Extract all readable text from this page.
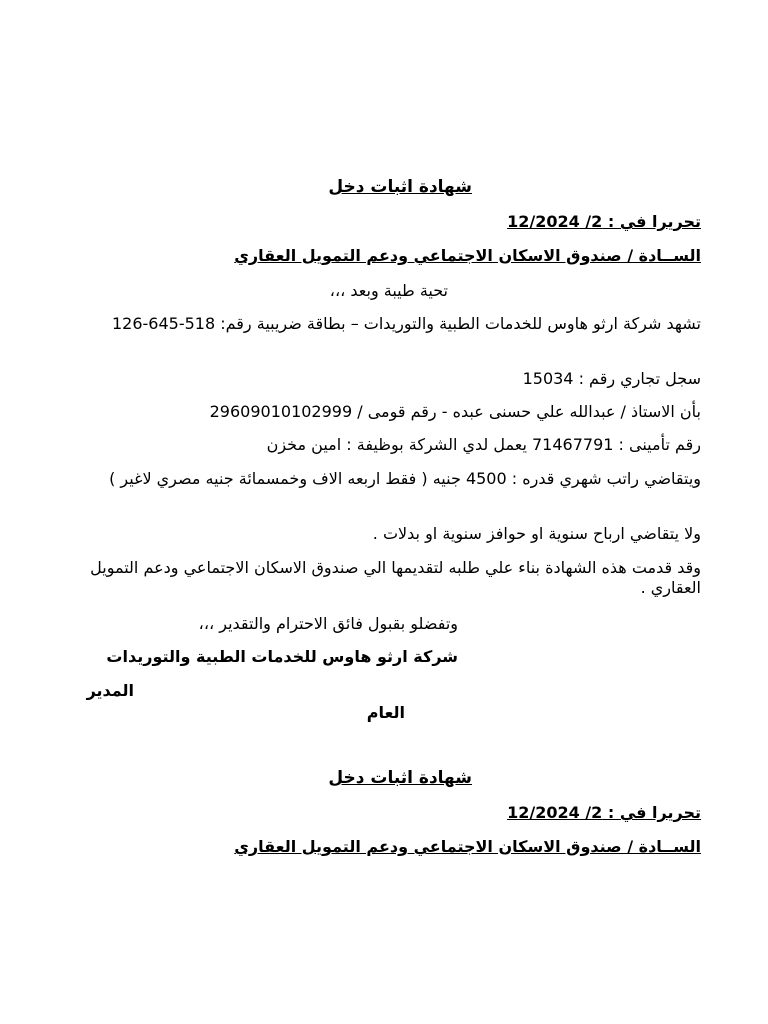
شهادة اثبات دخل
تحريرا في : 2/ 12/2024
الســادة / صندوق الاسكان الاجتماعي ودعم التمويل العقاري
تحية طيبة وبعد ،،،
تشهد شركة ارثو هاوس للخدمات الطبية والتوريدات – بطاقة ضريبية رقم: 518-645-126
سجل تجاري رقم : 15034
بأن الاستاذ / عبدالله علي حسنى عبده - رقم قومى / 29609010102999
رقم تأمينى : 71467791 يعمل لدي الشركة بوظيفة : امين مخزن
ويتقاضي راتب شهري قدره : 4500 جنيه ( فقط اربعه الاف وخمسمائة جنيه مصري لاغير )
ولا يتقاضي ارباح سنوية او حوافز سنوية او بدلات .
وقد قدمت هذه الشهادة بناء علي طلبه لتقديمها الي صندوق الاسكان الاجتماعي ودعم التمويل العقاري .
وتفضلو بقبول فائق الاحترام والتقدير ،،،
شركة ارثو هاوس للخدمات الطبية والتوريدات
المدير
العام
شهادة اثبات دخل
تحريرا في : 2/ 12/2024
الســادة / صندوق الاسكان الاجتماعي ودعم التمويل العقاري
